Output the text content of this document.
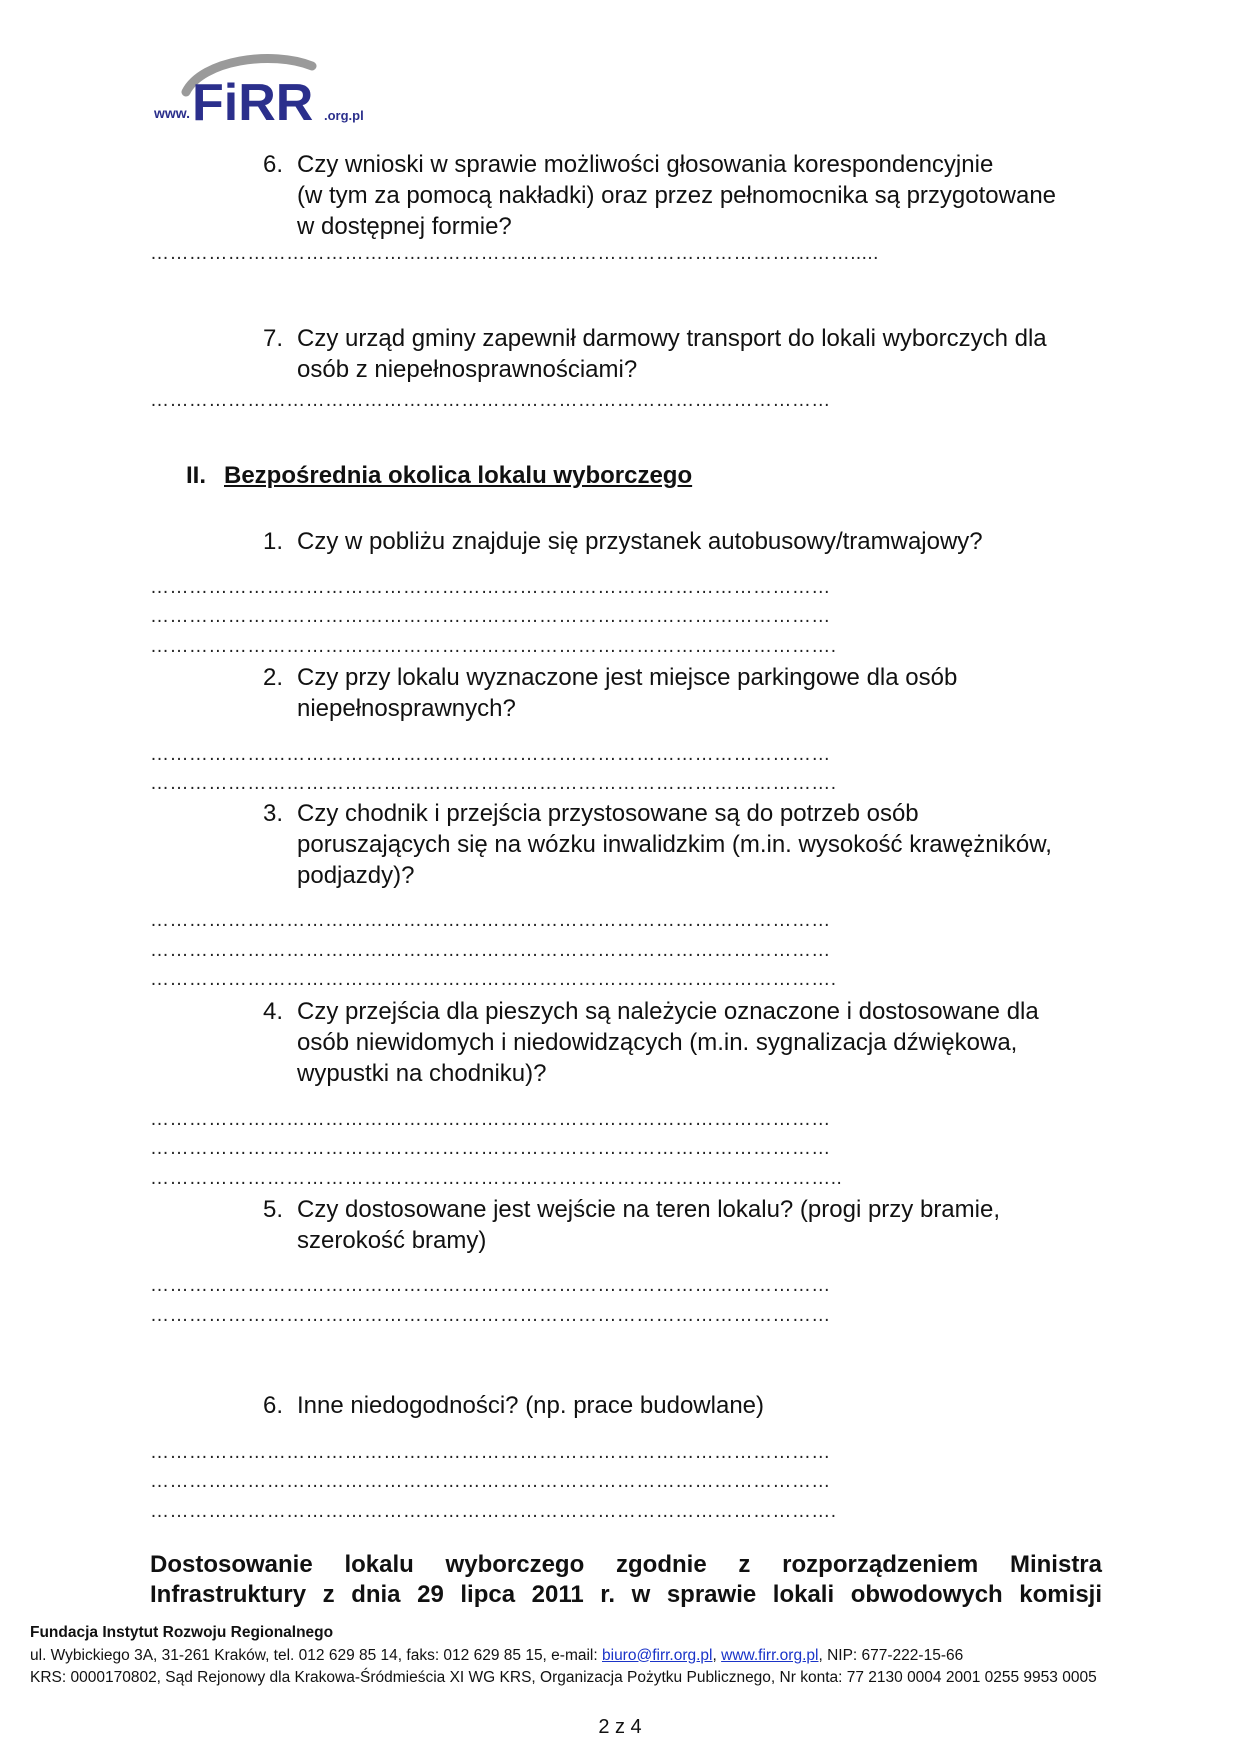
www. FiRR .org.pl
6. Czy wnioski w sprawie możliwości głosowania korespondencyjnie
(w tym za pomocą nakładki) oraz przez pełnomocnika są przygotowane
w dostępnej formie?
……………………………………………………………………………………………….....
7. Czy urząd gminy zapewnił darmowy transport do lokali wyborczych dla
osób z niepełnosprawnościami?
……………………………………………………………………………………………
II. Bezpośrednia okolica lokalu wyborczego
1. Czy w pobliżu znajduje się przystanek autobusowy/tramwajowy?
……………………………………………………………………………………………
……………………………………………………………………………………………
…………………………………………………………………………………………….
2. Czy przy lokalu wyznaczone jest miejsce parkingowe dla osób
niepełnosprawnych?
……………………………………………………………………………………………
…………………………………………………………………………………………….
3. Czy chodnik i przejścia przystosowane są do potrzeb osób
poruszających się na wózku inwalidzkim (m.in. wysokość krawężników,
podjazdy)?
……………………………………………………………………………………………
……………………………………………………………………………………………
…………………………………………………………………………………………….
4. Czy przejścia dla pieszych są należycie oznaczone i dostosowane dla
osób niewidomych i niedowidzących (m.in. sygnalizacja dźwiękowa,
wypustki na chodniku)?
……………………………………………………………………………………………
……………………………………………………………………………………………
……………………………………………………………………………………………..
5. Czy dostosowane jest wejście na teren lokalu? (progi przy bramie,
szerokość bramy)
……………………………………………………………………………………………
……………………………………………………………………………………………
6. Inne niedogodności? (np. prace budowlane)
……………………………………………………………………………………………
……………………………………………………………………………………………
…………………………………………………………………………………………….
Dostosowanie lokalu wyborczego zgodnie z rozporządzeniem Ministra
Infrastruktury z dnia 29 lipca 2011 r. w sprawie lokali obwodowych komisji
Fundacja Instytut Rozwoju Regionalnego
ul. Wybickiego 3A, 31-261 Kraków, tel. 012 629 85 14, faks: 012 629 85 15, e-mail: biuro@firr.org.pl, www.firr.org.pl, NIP: 677-222-15-66
KRS: 0000170802, Sąd Rejonowy dla Krakowa-Śródmieścia XI WG KRS, Organizacja Pożytku Publicznego, Nr konta: 77 2130 0004 2001 0255 9953 0005
2 z 4
